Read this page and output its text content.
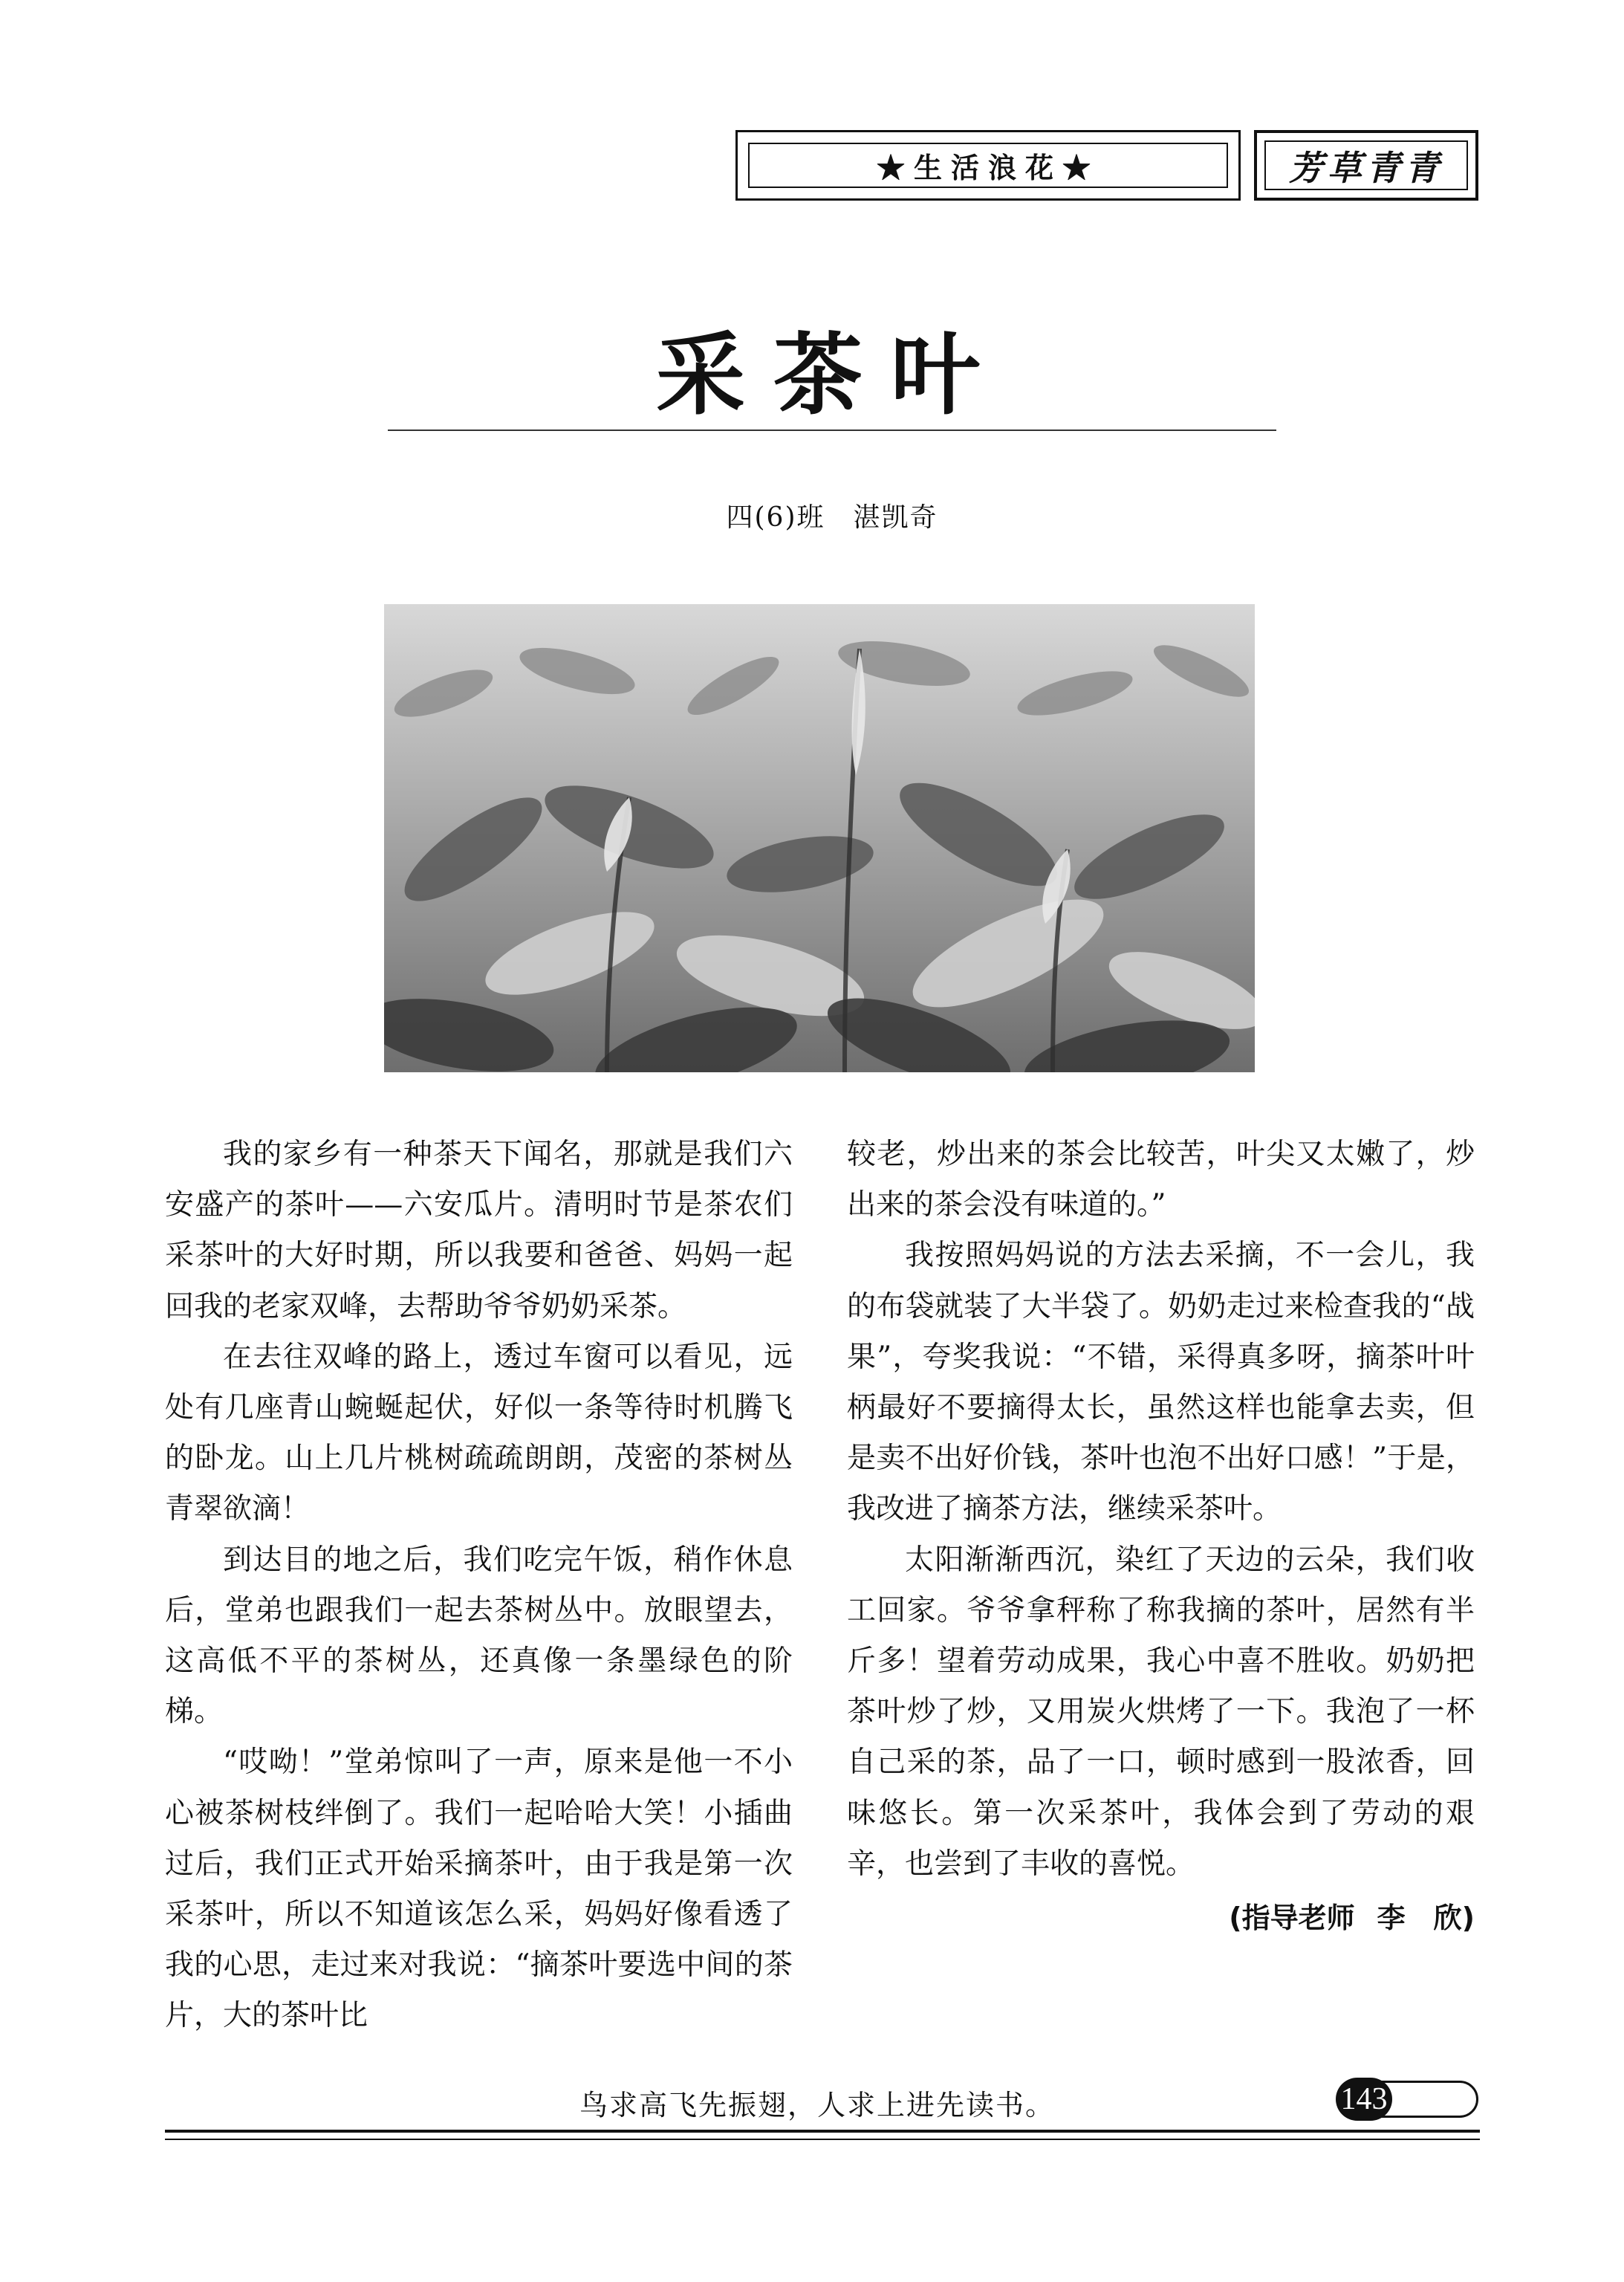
★生活浪花★	芳草青青
采茶叶
四(6)班　湛凯奇

我的家乡有一种茶天下闻名，那就是我们六安盛产的茶叶——六安瓜片。清明时节是茶农们采茶叶的大好时期，所以我要和爸爸、妈妈一起回我的老家双峰，去帮助爷爷奶奶采茶。

在去往双峰的路上，透过车窗可以看见，远处有几座青山蜿蜒起伏，好似一条等待时机腾飞的卧龙。山上几片桃树疏疏朗朗，茂密的茶树丛青翠欲滴！

到达目的地之后，我们吃完午饭，稍作休息后，堂弟也跟我们一起去茶树丛中。放眼望去，这高低不平的茶树丛，还真像一条墨绿色的阶梯。

“哎呦！”堂弟惊叫了一声，原来是他一不小心被茶树枝绊倒了。我们一起哈哈大笑！小插曲过后，我们正式开始采摘茶叶，由于我是第一次采茶叶，所以不知道该怎么采，妈妈好像看透了我的心思，走过来对我说：“摘茶叶要选中间的茶片，大的茶叶比

较老，炒出来的茶会比较苦，叶尖又太嫩了，炒出来的茶会没有味道的。”

我按照妈妈说的方法去采摘，不一会儿，我的布袋就装了大半袋了。奶奶走过来检查我的“战果”，夸奖我说：“不错，采得真多呀，摘茶叶叶柄最好不要摘得太长，虽然这样也能拿去卖，但是卖不出好价钱，茶叶也泡不出好口感！”于是，我改进了摘茶方法，继续采茶叶。

太阳渐渐西沉，染红了天边的云朵，我们收工回家。爷爷拿秤称了称我摘的茶叶，居然有半斤多！望着劳动成果，我心中喜不胜收。奶奶把茶叶炒了炒，又用炭火烘烤了一下。我泡了一杯自己采的茶，品了一口，顿时感到一股浓香，回味悠长。第一次采茶叶，我体会到了劳动的艰辛，也尝到了丰收的喜悦。

(指导老师 李　欣)
鸟求高飞先振翅，人求上进先读书。	143
